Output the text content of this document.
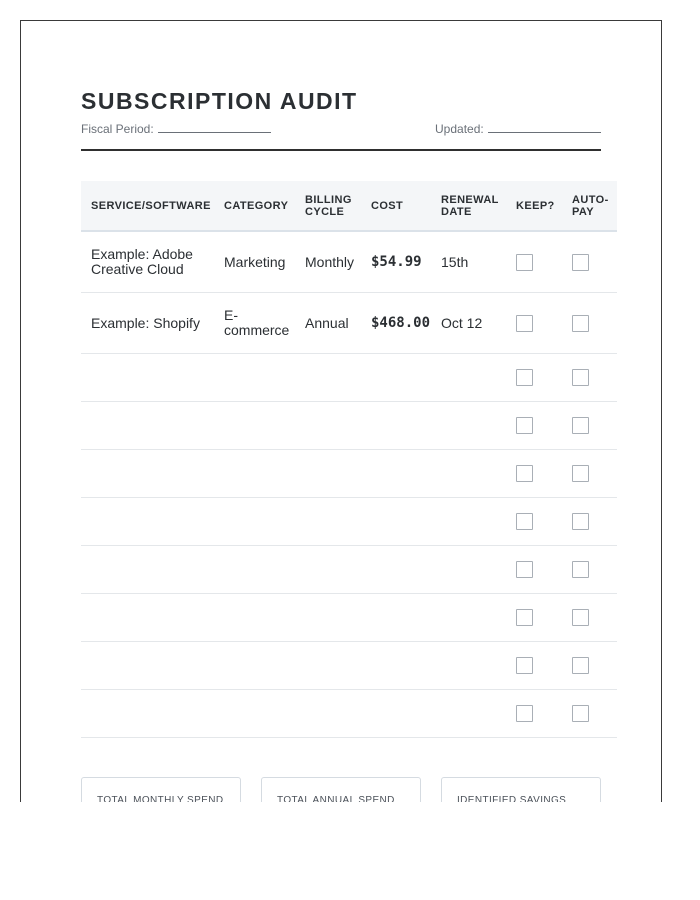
SUBSCRIPTION AUDIT
Fiscal Period:	Updated:
SERVICE/SOFTWARE	CATEGORY	BILLING CYCLE	COST	RENEWAL DATE	KEEP?	AUTO-PAY
Example: Adobe Creative Cloud	Marketing	Monthly	$54.99	15th		
Example: Shopify	E-commerce	Annual	$468.00	Oct 12		

TOTAL MONTHLY SPEND	TOTAL ANNUAL SPEND	IDENTIFIED SAVINGS
